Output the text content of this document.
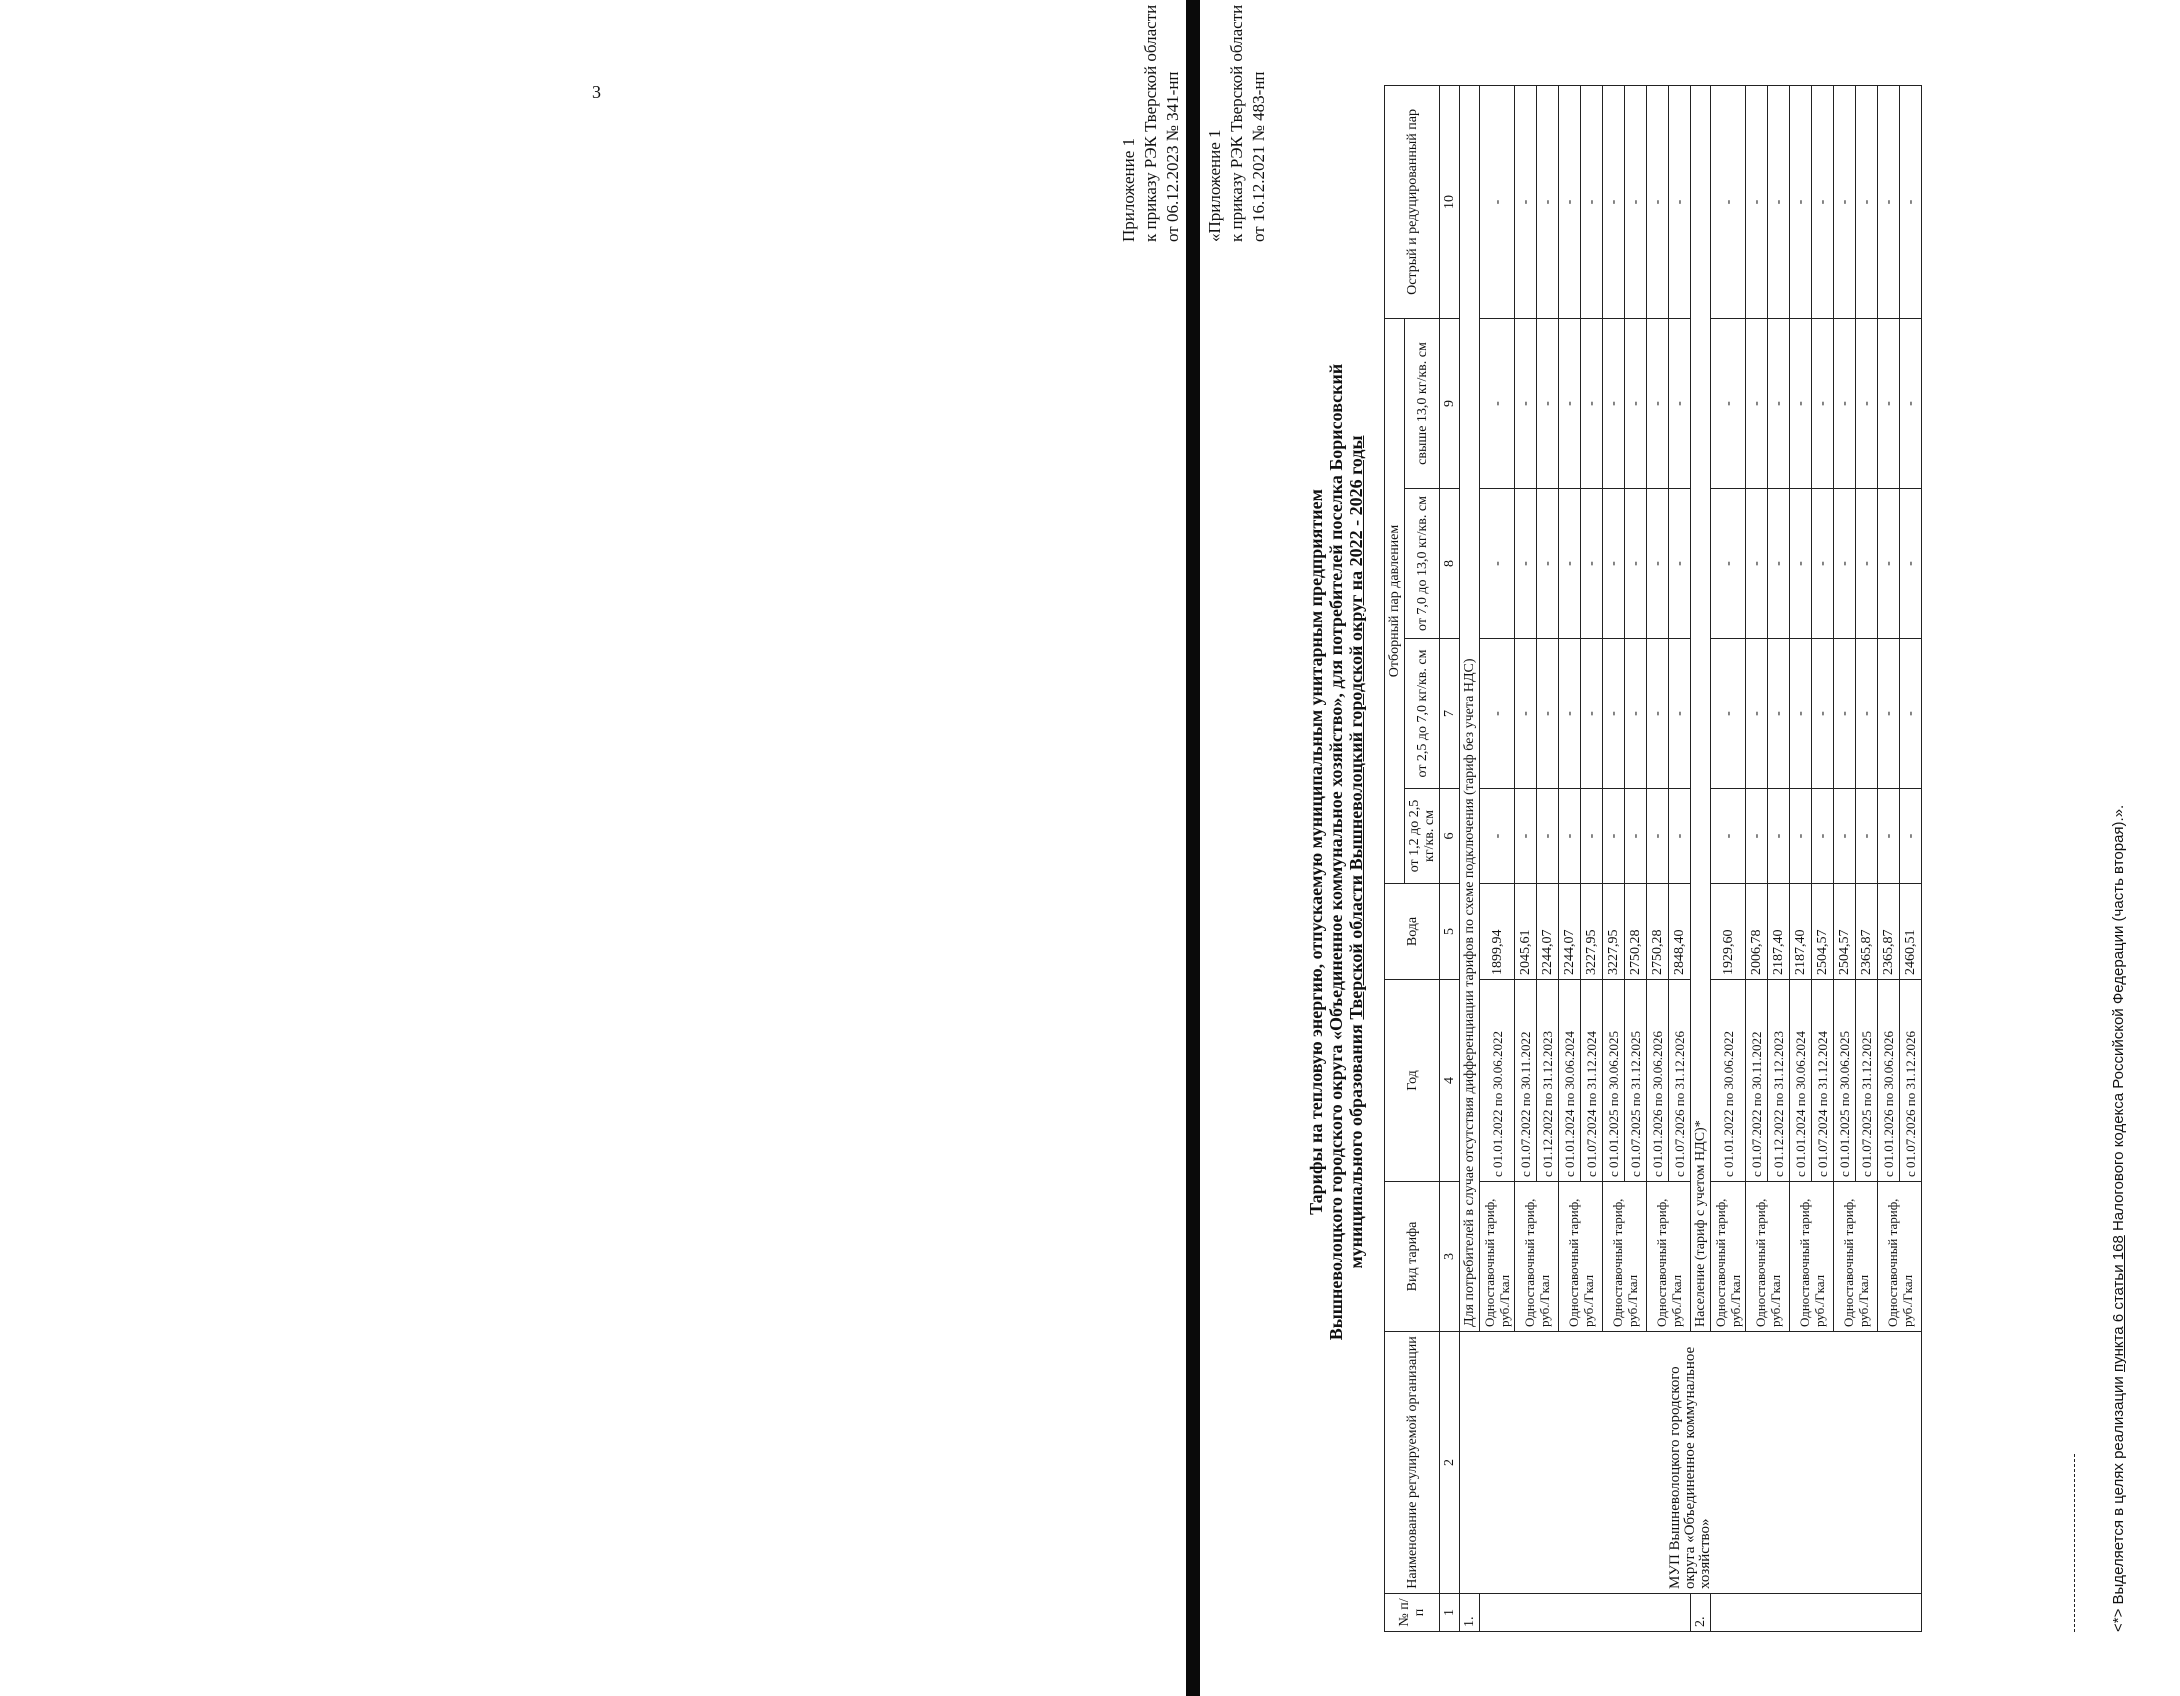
3
Приложение 1 к приказу РЭК Тверской области от 06.12.2023 № 341-нп «Приложение 1 к приказу РЭК Тверской области от 16.12.2021 № 483-нп
Тарифы на тепловую энергию, отпускаемую муниципальным унитарным предприятием Вышневолоцкого городского округа «Объединенное коммунальное хозяйство», для потребителей поселка Борисовский муниципального образования Тверской области Вышневолоцкий городской округ на 2022 - 2026 годы
№ п/п	Наименование регулируемой организации	Вид тарифа	Год	Вода	Отборный пар давлением				Острый и редуцированный пар
					от 1,2 до 2,5 кг/кв. см	от 2,5 до 7,0 кг/кв. см	от 7,0 до 13,0 кг/кв. см	свыше 13,0 кг/кв. см	
1	2	3	4	5	6	7	8	9	10
1.	МУП Вышневолоцкого городского округа «Объединенное коммунальное хозяйство»	Для потребителей в случае отсутствия дифференциации тарифов по схеме подключения (тариф без учета НДС)							
		Одноставочный тариф, руб./Гкал	с 01.01.2022 по 30.06.2022	1899,94	-	-	-	-	-
		Одноставочный тариф, руб./Гкал	с 01.07.2022 по 30.11.2022	2045,61	-	-	-	-	-
			с 01.12.2022 по 31.12.2023	2244,07	-	-	-	-	-
		Одноставочный тариф, руб./Гкал	с 01.01.2024 по 30.06.2024	2244,07	-	-	-	-	-
			с 01.07.2024 по 31.12.2024	3227,95	-	-	-	-	-
		Одноставочный тариф, руб./Гкал	с 01.01.2025 по 30.06.2025	3227,95	-	-	-	-	-
			с 01.07.2025 по 31.12.2025	2750,28	-	-	-	-	-
		Одноставочный тариф, руб./Гкал	с 01.01.2026 по 30.06.2026	2750,28	-	-	-	-	-
			с 01.07.2026 по 31.12.2026	2848,40	-	-	-	-	-
2.		Население (тариф с учетом НДС)*							
		Одноставочный тариф, руб./Гкал	с 01.01.2022 по 30.06.2022	1929,60	-	-	-	-	-
		Одноставочный тариф, руб./Гкал	с 01.07.2022 по 30.11.2022	2006,78	-	-	-	-	-
			с 01.12.2022 по 31.12.2023	2187,40	-	-	-	-	-
		Одноставочный тариф, руб./Гкал	с 01.01.2024 по 30.06.2024	2187,40	-	-	-	-	-
			с 01.07.2024 по 31.12.2024	2504,57	-	-	-	-	-
		Одноставочный тариф, руб./Гкал	с 01.01.2025 по 30.06.2025	2504,57	-	-	-	-	-
			с 01.07.2025 по 31.12.2025	2365,87	-	-	-	-	-
		Одноставочный тариф, руб./Гкал	с 01.01.2026 по 30.06.2026	2365,87	-	-	-	-	-
			с 01.07.2026 по 31.12.2026	2460,51	-	-	-	-	-
<*> Выделяется в целях реализации пункта 6 статьи 168 Налогового кодекса Российской Федерации (часть вторая).».
